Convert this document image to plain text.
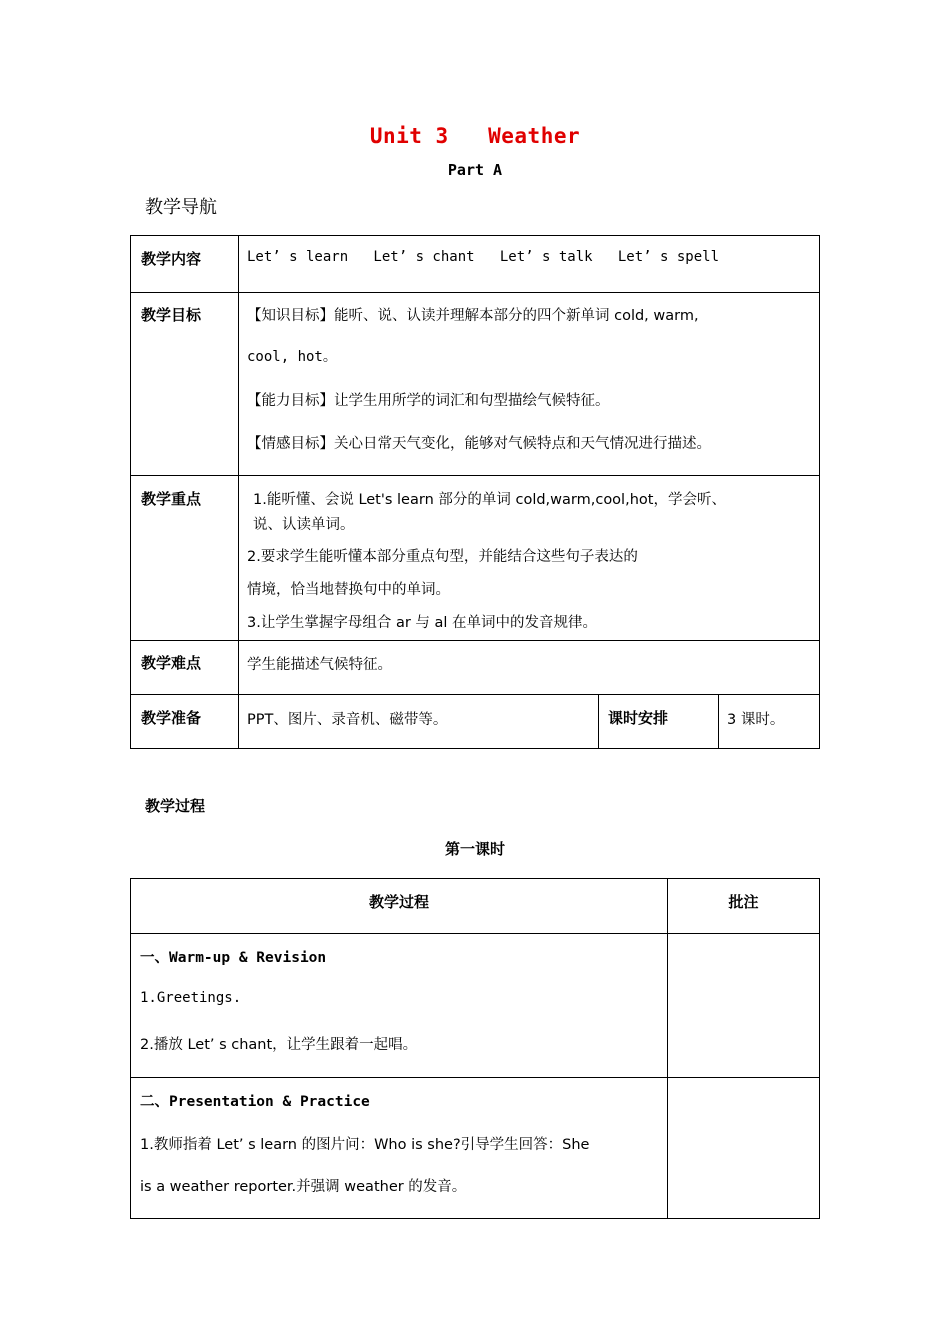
Unit 3   Weather
Part A
教学导航
教学内容	Let’ s learn   Let’ s chant   Let’ s talk   Let’ s spell
教学目标	【知识目标】能听、说、认读并理解本部分的四个新单词 cold, warm,
cool, hot。
【能力目标】让学生用所学的词汇和句型描绘气候特征。
【情感目标】关心日常天气变化，能够对气候特点和天气情况进行描述。
教学重点	1.能听懂、会说 Let's learn 部分的单词 cold,warm,cool,hot，学会听、
说、认读单词。
2.要求学生能听懂本部分重点句型，并能结合这些句子表达的
情境，恰当地替换句中的单词。
3.让学生掌握字母组合 ar 与 al 在单词中的发音规律。
教学难点	学生能描述气候特征。
教学准备	PPT、图片、录音机、磁带等。	课时安排	3 课时。
教学过程
第一课时
教学过程	批注
一、Warm-up & Revision
1.Greetings.
2.播放 Let’ s chant，让学生跟着一起唱。
二、Presentation & Practice
1.教师指着 Let’ s learn 的图片问：Who is she?引导学生回答：She
is a weather reporter.并强调 weather 的发音。
